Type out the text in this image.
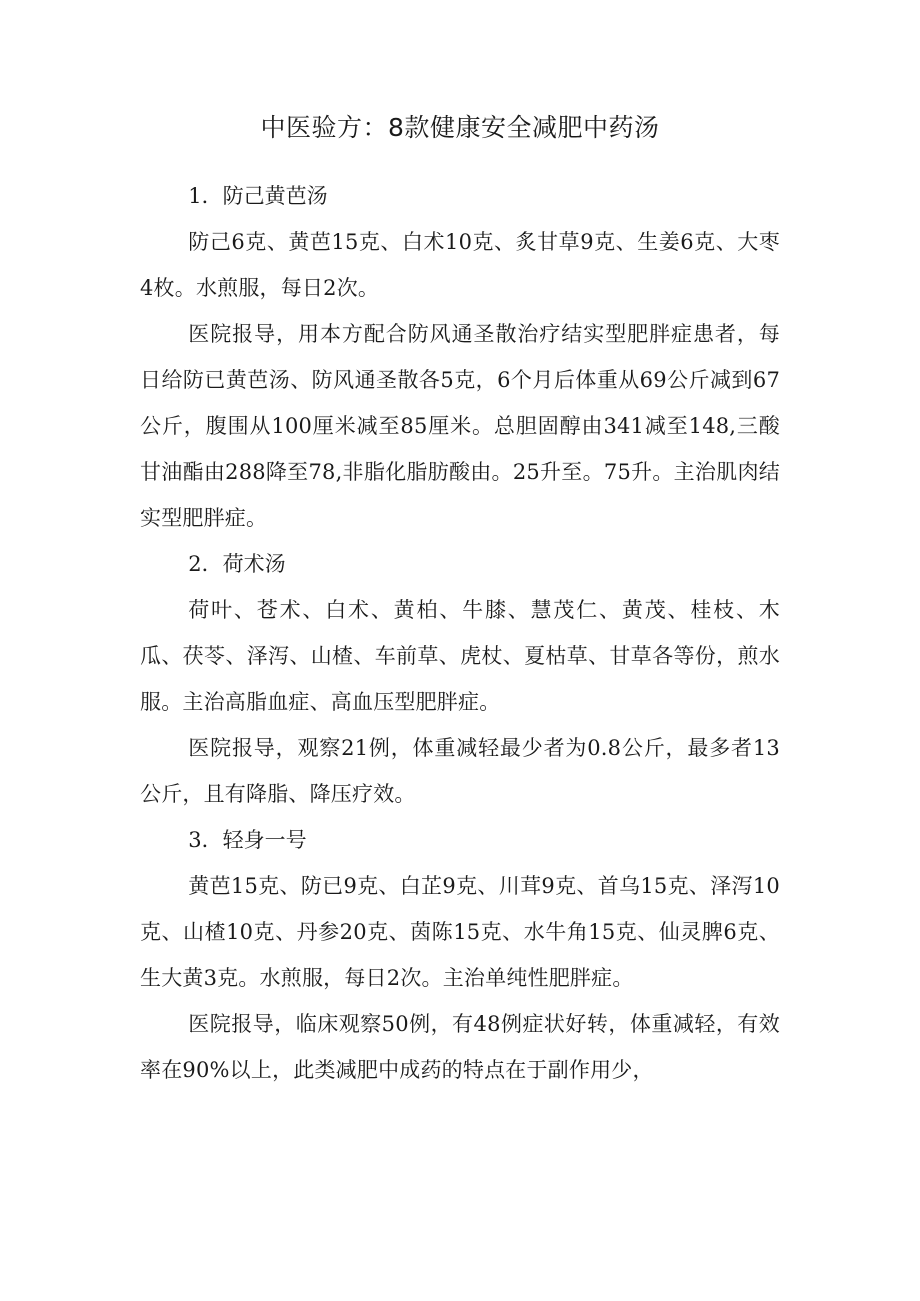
中医验方：8款健康安全减肥中药汤

1．防己黄芭汤

防己6克、黄芭15克、白术10克、炙甘草9克、生姜6克、大枣4枚。水煎服，每日2次。

医院报导，用本方配合防风通圣散治疗结实型肥胖症患者，每日给防已黄芭汤、防风通圣散各5克，6个月后体重从69公斤减到67公斤，腹围从100厘米减至85厘米。总胆固醇由341减至148,三酸甘油酯由288降至78,非脂化脂肪酸由。25升至。75升。主治肌肉结实型肥胖症。

2．荷术汤

荷叶、苍术、白术、黄柏、牛膝、慧茂仁、黄茂、桂枝、木瓜、茯苓、泽泻、山楂、车前草、虎杖、夏枯草、甘草各等份，煎水服。主治高脂血症、高血压型肥胖症。

医院报导，观察21例，体重减轻最少者为0.8公斤，最多者13公斤，且有降脂、降压疗效。

3．轻身一号

黄芭15克、防已9克、白芷9克、川茸9克、首乌15克、泽泻10克、山楂10克、丹参20克、茵陈15克、水牛角15克、仙灵脾6克、生大黄3克。水煎服，每日2次。主治单纯性肥胖症。

医院报导，临床观察50例，有48例症状好转，体重减轻，有效率在90%以上，此类减肥中成药的特点在于副作用少，
